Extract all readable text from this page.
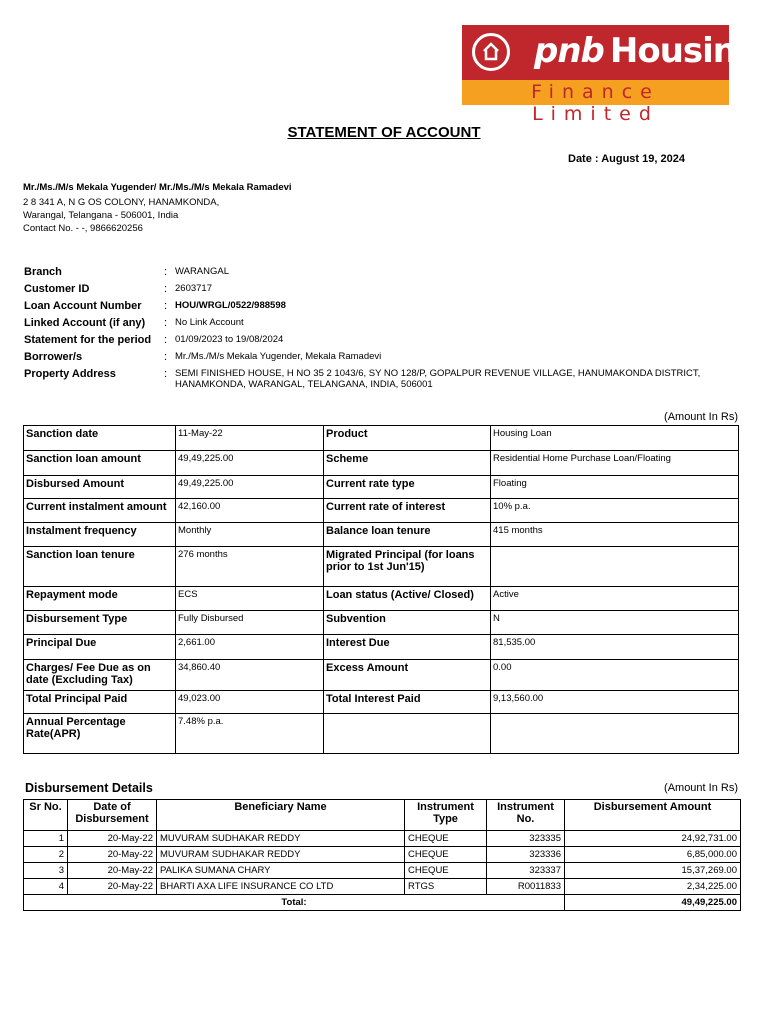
pnb Housing
Finance Limited
STATEMENT OF ACCOUNT
Date : August 19, 2024
Mr./Ms./M/s Mekala Yugender/ Mr./Ms./M/s Mekala Ramadevi
2 8 341 A, N G OS COLONY, HANAMKONDA,
Warangal, Telangana - 506001, India
Contact No. - -, 9866620256
Branch	: WARANGAL
Customer ID	: 2603717
Loan Account Number : HOU/WRGL/0522/988598
Linked Account (if any) : No Link Account
Statement for the period : 01/09/2023 to 19/08/2024
Borrower/s	: Mr./Ms./M/s Mekala Yugender, Mekala Ramadevi
Property Address	: SEMI FINISHED HOUSE, H NO 35 2 1043/6, SY NO 128/P, GOPALPUR REVENUE VILLAGE, HANUMAKONDA DISTRICT, HANAMKONDA, WARANGAL, TELANGANA, INDIA, 506001
(Amount In Rs)
Sanction date	11-May-22	Product	Housing Loan
Sanction loan amount	49,49,225.00	Scheme	Residential Home Purchase Loan/Floating
Disbursed Amount	49,49,225.00	Current rate type	Floating
Current instalment amount	42,160.00	Current rate of interest	10% p.a.
Instalment frequency	Monthly	Balance loan tenure	415 months
Sanction loan tenure	276 months	Migrated Principal (for loans prior to 1st Jun'15)	
Repayment mode	ECS	Loan status (Active/ Closed)	Active
Disbursement Type	Fully Disbursed	Subvention	N
Principal Due	2,661.00	Interest Due	81,535.00
Charges/ Fee Due as on date (Excluding Tax)	34,860.40	Excess Amount	0.00
Total Principal Paid	49,023.00	Total Interest Paid	9,13,560.00
Annual Percentage Rate(APR)	7.48% p.a.		
Disbursement Details	(Amount In Rs)
Sr No.	Date of Disbursement	Beneficiary Name	Instrument Type	Instrument No.	Disbursement Amount
1	20-May-22	MUVURAM SUDHAKAR REDDY	CHEQUE	323335	24,92,731.00
2	20-May-22	MUVURAM SUDHAKAR REDDY	CHEQUE	323336	6,85,000.00
3	20-May-22	PALIKA SUMANA CHARY	CHEQUE	323337	15,37,269.00
4	20-May-22	BHARTI AXA LIFE INSURANCE CO LTD	RTGS	R0011833	2,34,225.00
Total:					49,49,225.00
